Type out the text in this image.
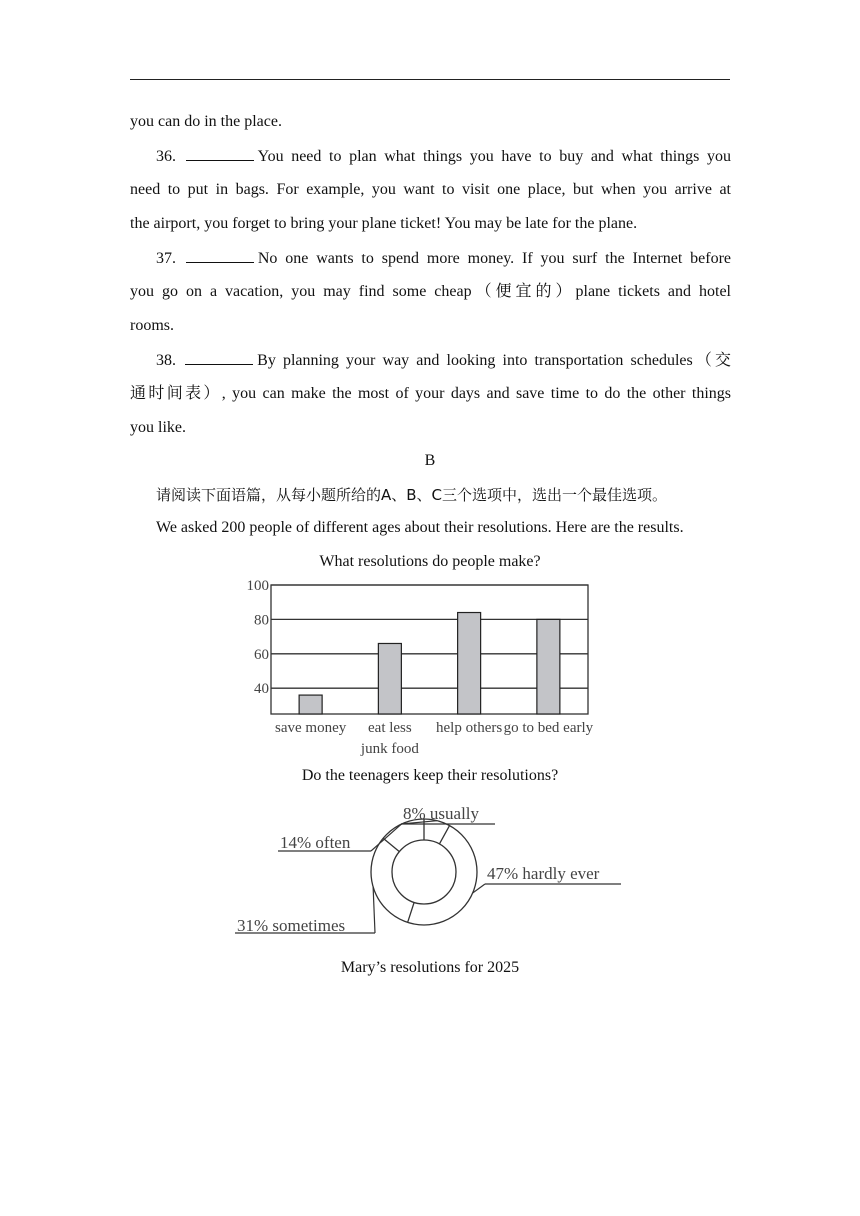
you can do in the place.
36.	You need to plan what things you have to buy and what things you
need to put in bags. For example, you want to visit one place, but when you arrive at
the airport, you forget to bring your plane ticket! You may be late for the plane.
37.	No one wants to spend more money. If you surf the Internet before
you go on a vacation, you may find some cheap（便宜的）plane tickets and hotel
rooms.
38.	By planning your way and looking into transportation schedules（交
通时间表）, you can make the most of your days and save time to do the other things
you like.
B
请阅读下面语篇，从每小题所给的A、B、C三个选项中，选出一个最佳选项。
We asked 200 people of different ages about their resolutions. Here are the results.
What resolutions do people make?
100
80
60
40
save money eat less
junk food
help others go to bed early
Do the teenagers keep their resolutions?
8% usually
47% hardly ever
31% sometimes
14% often
Mary’s resolutions for 2025
